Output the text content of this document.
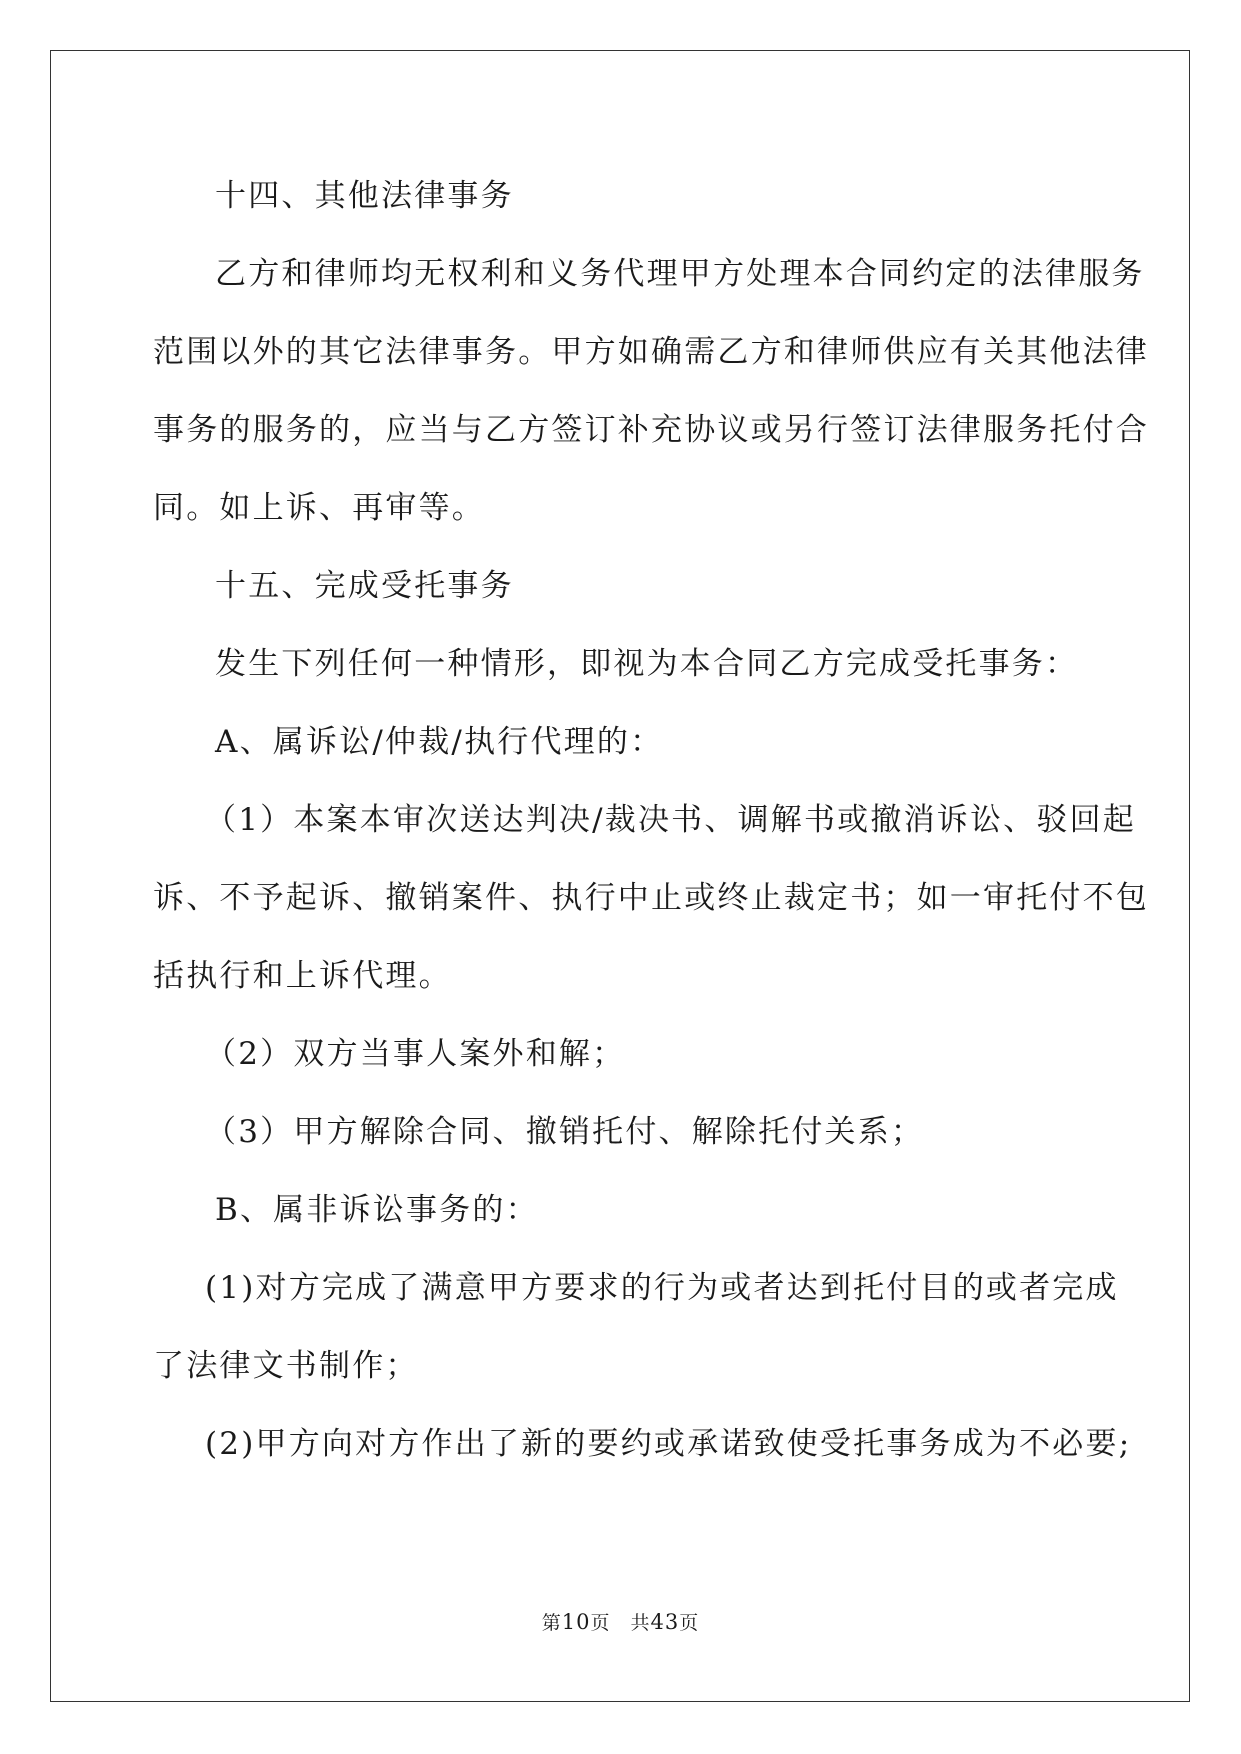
十四、其他法律事务
乙方和律师均无权利和义务代理甲方处理本合同约定的法律服务
范围以外的其它法律事务。甲方如确需乙方和律师供应有关其他法律
事务的服务的，应当与乙方签订补充协议或另行签订法律服务托付合
同。如上诉、再审等。
十五、完成受托事务
发生下列任何一种情形，即视为本合同乙方完成受托事务：
A、属诉讼/仲裁/执行代理的：
（1）本案本审次送达判决/裁决书、调解书或撤消诉讼、驳回起
诉、不予起诉、撤销案件、执行中止或终止裁定书；如一审托付不包
括执行和上诉代理。
（2）双方当事人案外和解；
（3）甲方解除合同、撤销托付、解除托付关系；
B、属非诉讼事务的：
(1)对方完成了满意甲方要求的行为或者达到托付目的或者完成
了法律文书制作；
(2)甲方向对方作出了新的要约或承诺致使受托事务成为不必要;
第10页　共43页
